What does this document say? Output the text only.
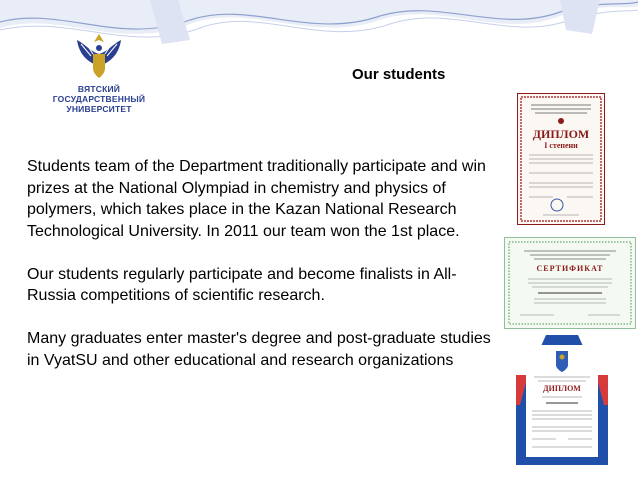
ВЯТСКИЙ
ГОСУДАРСТВЕННЫЙ
УНИВЕРСИТЕТ
Our students

Students team of the Department traditionally participate and win prizes at the National Olympiad in chemistry and physics of polymers, which takes place in the Kazan National Research Technological University. In 2011 our team won the 1st place.

Our students regularly participate and become finalists in All-Russia competitions of scientific research.

Many graduates enter master's degree and post-graduate studies in VyatSU and other educational and research organizations

ДИПЛОМ
I степени
СЕРТИФИКАТ
ДИПЛОМ
